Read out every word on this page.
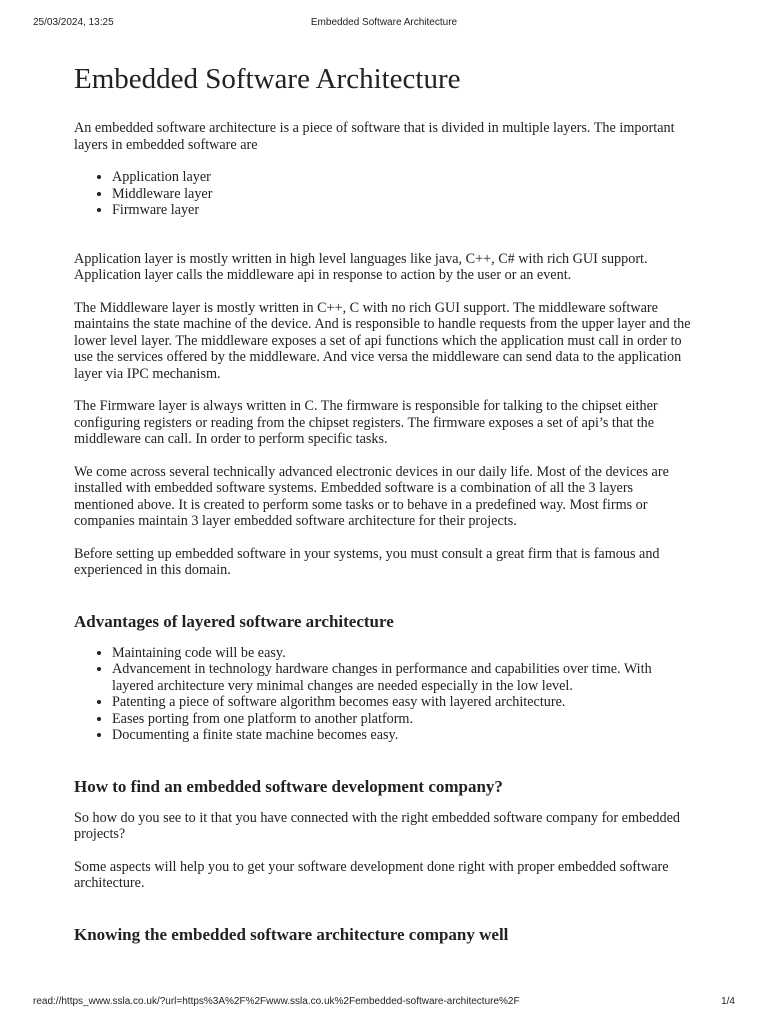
25/03/2024, 13:25	Embedded Software Architecture
Embedded Software Architecture

An embedded software architecture is a piece of software that is divided in multiple layers. The important layers in embedded software are

• Application layer
• Middleware layer
• Firmware layer

Application layer is mostly written in high level languages like java, C++, C# with rich GUI support. Application layer calls the middleware api in response to action by the user or an event.

The Middleware layer is mostly written in C++, C with no rich GUI support. The middleware software maintains the state machine of the device. And is responsible to handle requests from the upper layer and the lower level layer. The middleware exposes a set of api functions which the application must call in order to use the services offered by the middleware. And vice versa the middleware can send data to the application layer via IPC mechanism.

The Firmware layer is always written in C. The firmware is responsible for talking to the chipset either configuring registers or reading from the chipset registers. The firmware exposes a set of api’s that the middleware can call. In order to perform specific tasks.

We come across several technically advanced electronic devices in our daily life. Most of the devices are installed with embedded software systems. Embedded software is a combination of all the 3 layers mentioned above. It is created to perform some tasks or to behave in a predefined way. Most firms or companies maintain 3 layer embedded software architecture for their projects.

Before setting up embedded software in your systems, you must consult a great firm that is famous and experienced in this domain.

Advantages of layered software architecture
• Maintaining code will be easy.
• Advancement in technology hardware changes in performance and capabilities over time. With layered architecture very minimal changes are needed especially in the low level.
• Patenting a piece of software algorithm becomes easy with layered architecture.
• Eases porting from one platform to another platform.
• Documenting a finite state machine becomes easy.
How to find an embedded software development company?

So how do you see to it that you have connected with the right embedded software company for embedded projects?

Some aspects will help you to get your software development done right with proper embedded software architecture.

Knowing the embedded software architecture company well
read://https_www.ssla.co.uk/?url=https%3A%2F%2Fwww.ssla.co.uk%2Fembedded-software-architecture%2F	1/4
